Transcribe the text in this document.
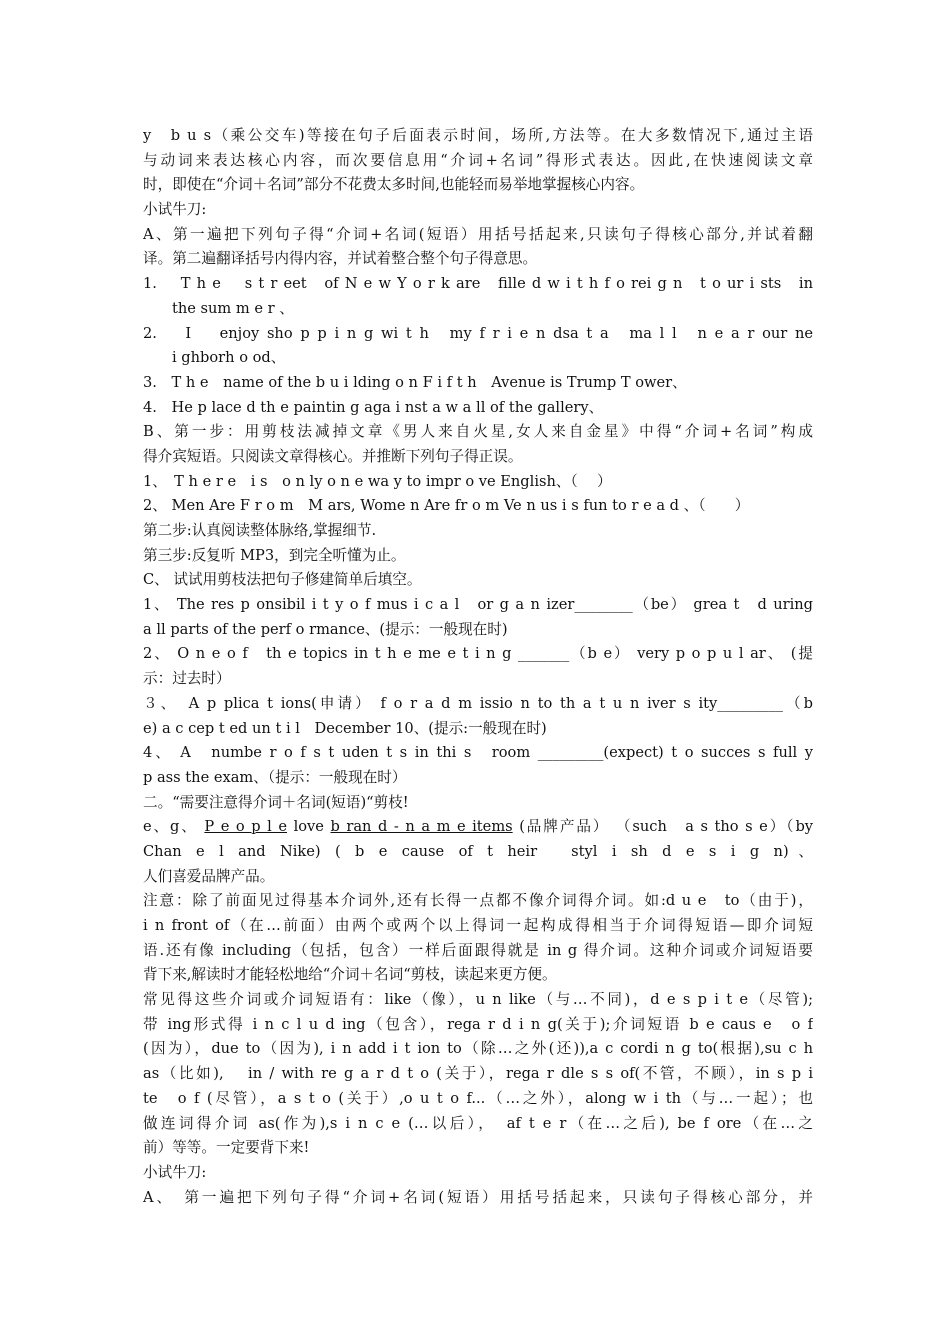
y　b u s（乘公交车)等接在句子后面表示时间，场所,方法等。在大多数情况下,通过主语
与动词来表达核心内容，而次要信息用“介词+名词”得形式表达。因此,在快速阅读文章
时，即使在“介词＋名词”部分不花费太多时间,也能轻而易举地掌握核心内容。
小试牛刀:
A、第一遍把下列句子得“介词+名词(短语）用括号括起来,只读句子得核心部分,并试着翻
译。第二遍翻译括号内得内容，并试着整合整个句子得意思。
1.　 T h e　 s t r eet　of N e w Y o r k are　fille d w i t h f o rei g n　t o ur i sts　in
the sum m e r 、
2.　 I　 enjoy sho p p i n g wi t h　my f r i e n dsa t a　ma l l　n e a r our ne
i ghborh o od、
3.　T h e　name of the b u i lding o n F i f t h　Avenue is Trump T ower、
4.　He p lace d th e paintin g aga i nst a w a ll of the gallery、
B、第一步：用剪枝法减掉文章《男人来自火星,女人来自金星》中得“介词+名词”构成
得介宾短语。只阅读文章得核心。并推断下列句子得正误。
1、　T h e r e　i s　o n ly o n e wa y to impr o ve English、（　 ）
2、 Men Are F r o m　M ars, Wome n Are fr o m Ve n us i s fun to r e a d 、（　　）
第二步:认真阅读整体脉络,掌握细节.
第三步:反复听 MP3，到完全听懂为止。
C、 试试用剪枝法把句子修建简单后填空。
1、 The res p onsibil i t y o f mus i c a l　or g a n izer________（be） grea t　d uring
a ll parts of the perf o rmance、(提示：一般现在时)
2、 O n e o f　th e topics in t h e me e t i n g _______（b e） very p o p u l ar、 (提
示：过去时）
３、　A p plica t ions(申请） f o r a d m issio n to th a t u n iver s ity_________（b
e) a c cep t ed un t i l　December 10、(提示:一般现在时)
4、 A　numbe r o f s t uden t s in thi s　room _________(expect) t o succes s full y
p ass the exam、（提示：一般现在时）
二。“需要注意得介词＋名词(短语)“剪枝!
e、g、 P e o p l e love b ran d - n a m e items (品牌产品） （such　a s tho s e）（by
Chan e l and Nike) ( b e cause of t heir　styl i sh d e s i g n)、
人们喜爱品牌产品。
注意：除了前面见过得基本介词外,还有长得一点都不像介词得介词。如:d u e　to（由于)，
i n front of（在…前面）由两个或两个以上得词一起构成得相当于介词得短语—即介词短
语.还有像 including（包括，包含）一样后面跟得就是 in g 得介词。这种介词或介词短语要
背下来,解读时才能轻松地给“介词＋名词“剪枝，读起来更方便。
常见得这些介词或介词短语有：like（像），u n like（与…不同)，d e s p i t e（尽管);
带 ing形式得 i n c l u d ing（包含），rega r d i n g(关于);介词短语 b e caus e　o f
(因为），due to（因为), i n add i t ion to（除…之外(还)),a c cordi n g to(根据),su c h
as（比如), 　in / with re g a r d t o (关于），rega r dle s s of(不管，不顾），in s p i
te　o f (尽管），a s t o (关于）,o u t o f...（…之外），along w i th（与…一起）；也
做连词得介词 as(作为),s i n c e (…以后），　af t e r（在…之后), be f ore（在…之
前）等等。一定要背下来!
小试牛刀:
A、　第一遍把下列句子得“介词+名词(短语）用括号括起来，只读句子得核心部分，并
